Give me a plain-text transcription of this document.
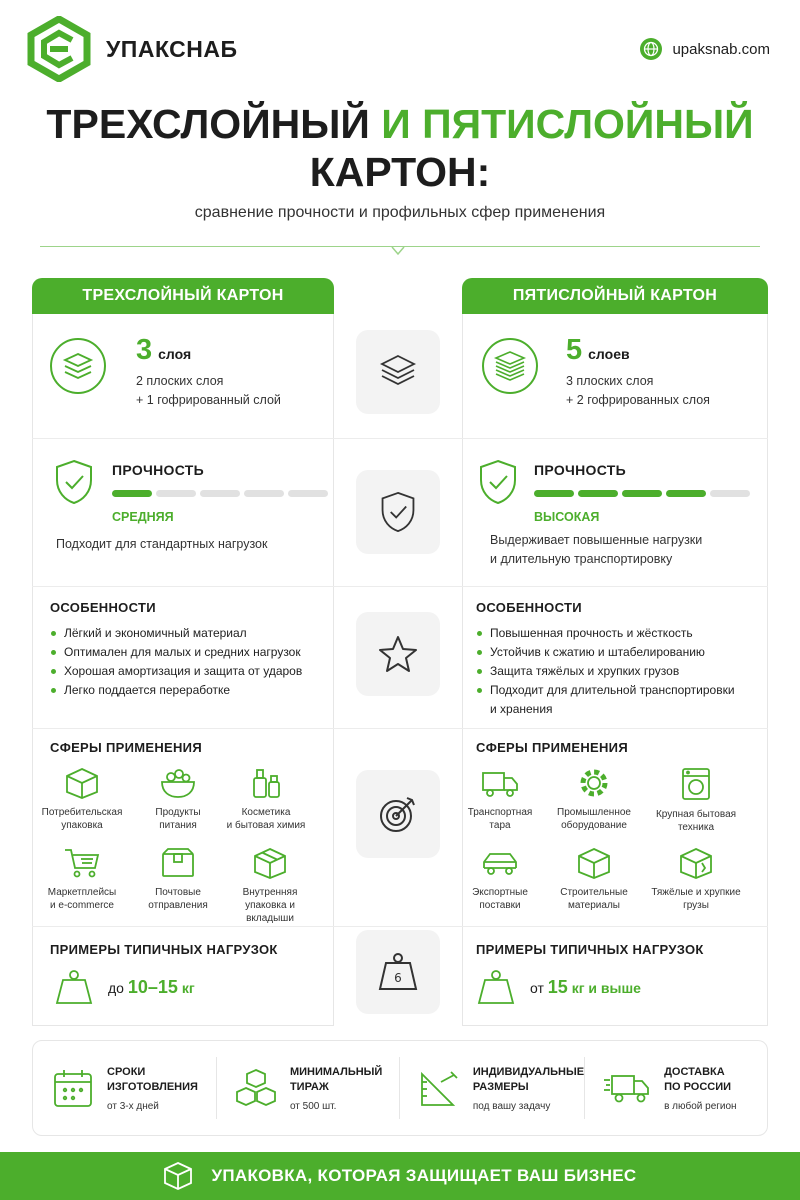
УПАКСНАБ	upaksnab.com
ТРЕХСЛОЙНЫЙ И ПЯТИСЛОЙНЫЙ
КАРТОН:
сравнение прочности и профильных сфер применения
ТРЕХСЛОЙНЫЙ КАРТОН	ПЯТИСЛОЙНЫЙ КАРТОН
3 слоя
2 плоских слоя
+ 1 гофрированный слой
5 слоев
3 плоских слоя
+ 2 гофрированных слоя
ПРОЧНОСТЬ
СРЕДНЯЯ
Подходит для стандартных нагрузок
ПРОЧНОСТЬ
ВЫСОКАЯ
Выдерживает повышенные нагрузки
и длительную транспортировку
ОСОБЕННОСТИ
Лёгкий и экономичный материал
Оптимален для малых и средних нагрузок
Хорошая амортизация и защита от ударов
Легко поддается переработке
ОСОБЕННОСТИ
Повышенная прочность и жёсткость
Устойчив к сжатию и штабелированию
Защита тяжёлых и хрупких грузов
Подходит для длительной транспортировки
и хранения
СФЕРЫ ПРИМЕНЕНИЯ
Потребительская
упаковка
Продукты
питания
Косметика
и бытовая химия
Маркетплейсы
и e-commerce
Почтовые
отправления
Внутренняя
упаковка и вкладыши
СФЕРЫ ПРИМЕНЕНИЯ
Транспортная
тара
Промышленное
оборудование
Крупная бытовая
техника
Экспортные
поставки
Строительные
материалы
Тяжёлые и хрупкие
грузы
ПРИМЕРЫ ТИПИЧНЫХ НАГРУЗОК
до 10–15 кг
6
ПРИМЕРЫ ТИПИЧНЫХ НАГРУЗОК
от 15 кг и выше
СРОКИ
ИЗГОТОВЛЕНИЯ
от 3-х дней
МИНИМАЛЬНЫЙ
ТИРАЖ
от 500 шт.
ИНДИВИДУАЛЬНЫЕ
РАЗМЕРЫ
под вашу задачу
ДОСТАВКА
ПО РОССИИ
в любой регион
УПАКОВКА, КОТОРАЯ ЗАЩИЩАЕТ ВАШ БИЗНЕС
